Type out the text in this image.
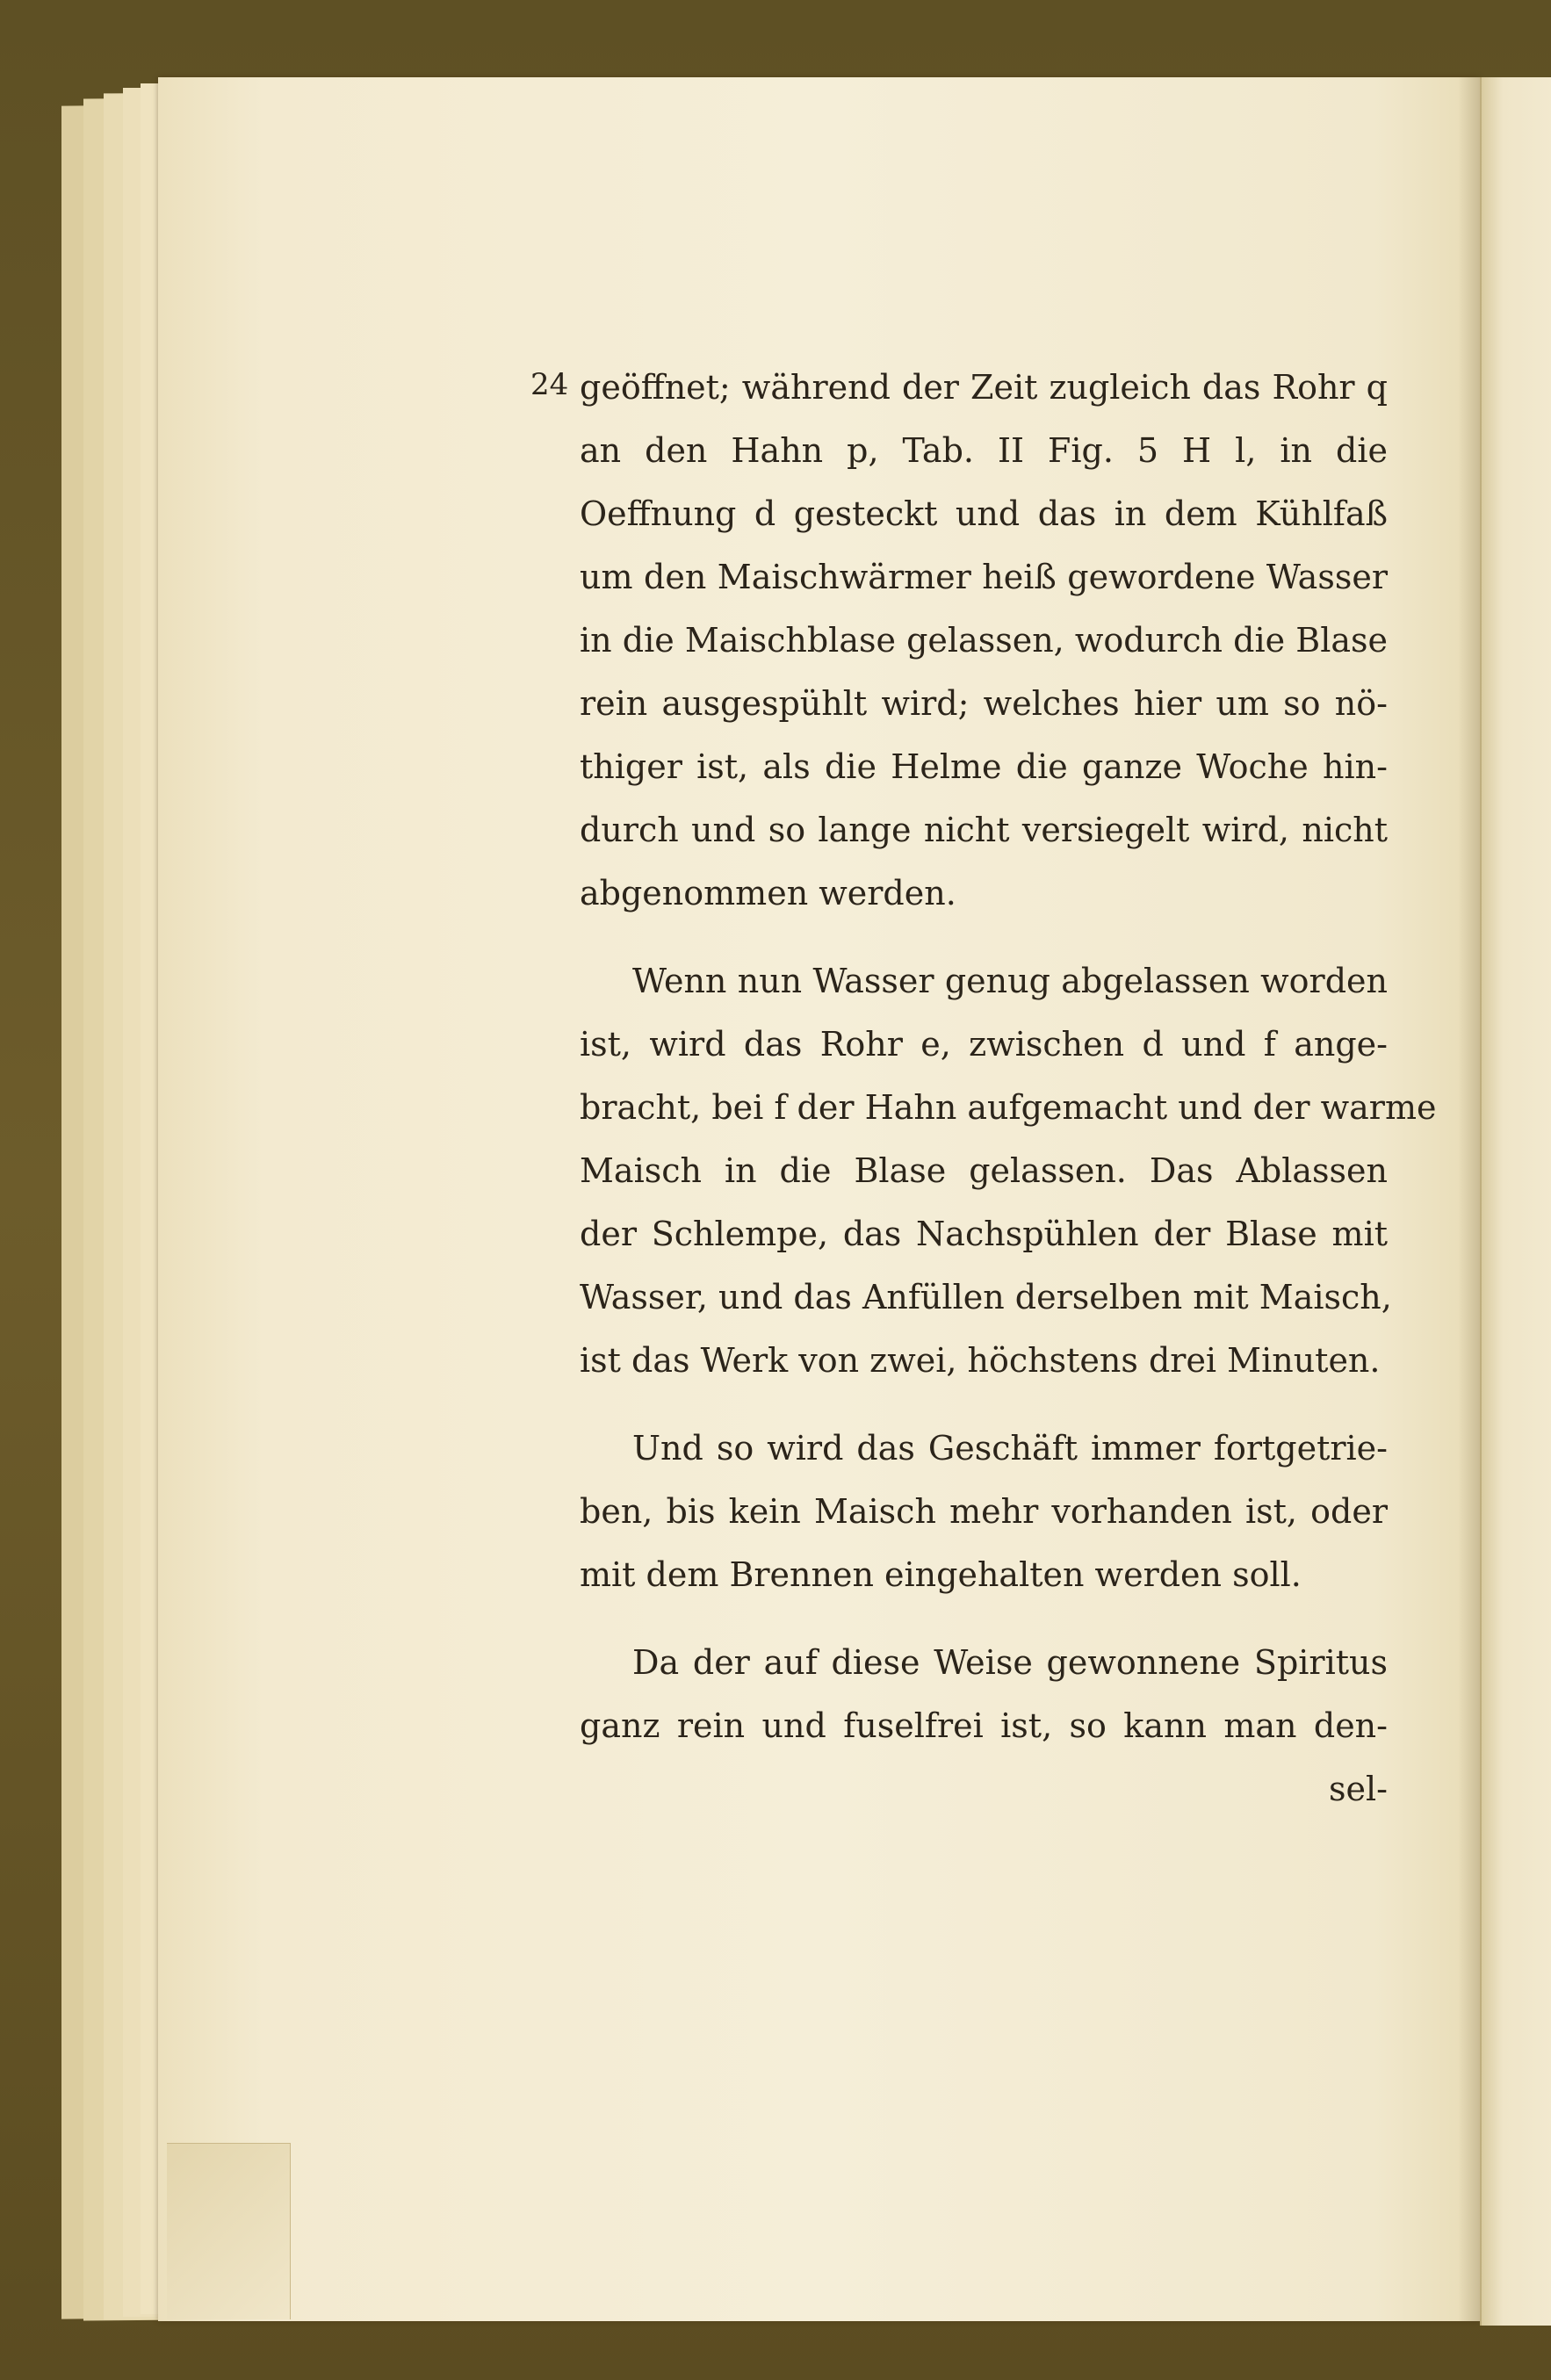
24 geöffnet; während der Zeit zugleich das Rohr q
an den Hahn p, Tab. II Fig. 5 H l, in die
Oeffnung d gesteckt und das in dem Kühlfaß
um den Maischwärmer heiß gewordene Wasser
in die Maischblase gelassen, wodurch die Blase
rein ausgespühlt wird; welches hier um so nö-
thiger ist, als die Helme die ganze Woche hin-
durch und so lange nicht versiegelt wird, nicht
abgenommen werden.
Wenn nun Wasser genug abgelassen worden
ist, wird das Rohr e, zwischen d und f ange-
bracht, bei f der Hahn aufgemacht und der warme
Maisch in die Blase gelassen. Das Ablassen
der Schlempe, das Nachspühlen der Blase mit
Wasser, und das Anfüllen derselben mit Maisch,
ist das Werk von zwei, höchstens drei Minuten.
Und so wird das Geschäft immer fortgetrie-
ben, bis kein Maisch mehr vorhanden ist, oder
mit dem Brennen eingehalten werden soll.
Da der auf diese Weise gewonnene Spiritus
ganz rein und fuselfrei ist, so kann man den-
sel-
